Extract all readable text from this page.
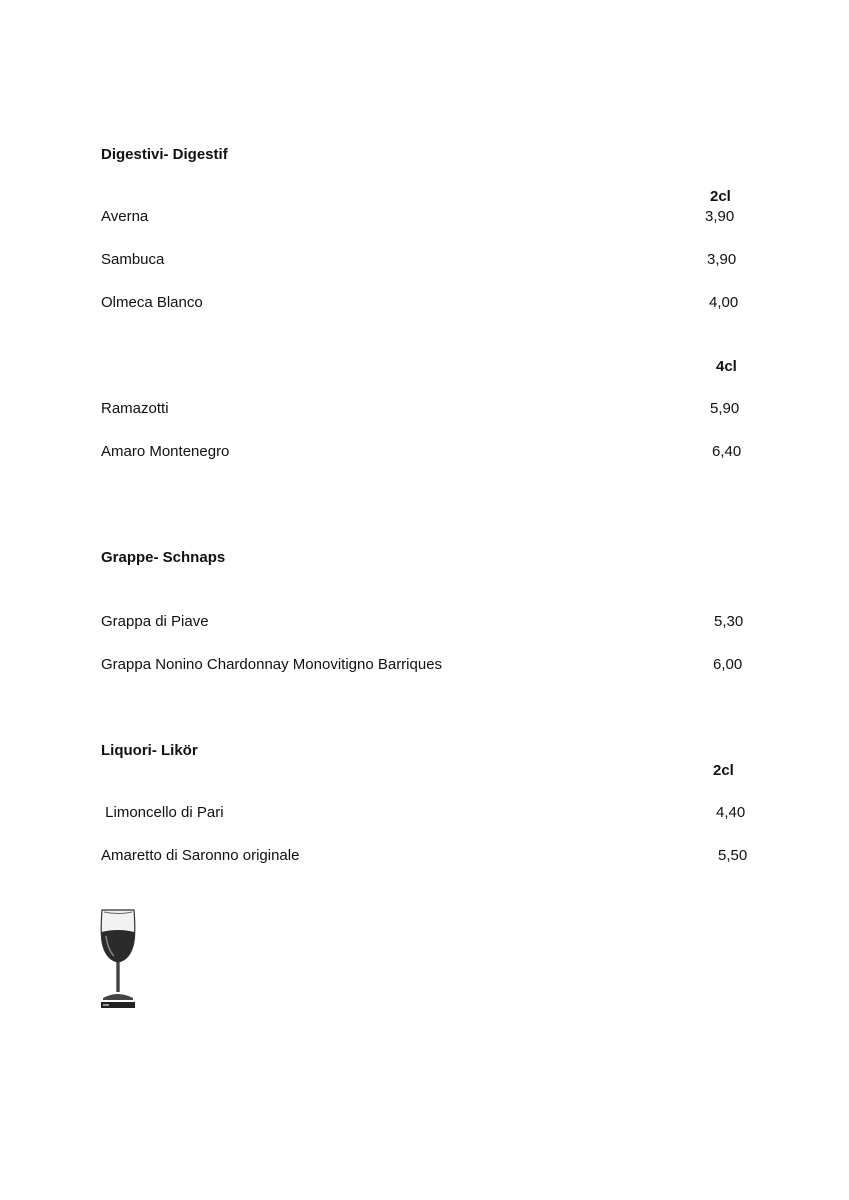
Digestivi- Digestif
2cl
Averna	3,90
Sambuca	3,90
Olmeca Blanco	4,00
4cl
Ramazotti	5,90
Amaro Montenegro	6,40
Grappe- Schnaps
Grappa di Piave	5,30
Grappa Nonino Chardonnay Monovitigno Barriques	6,00
Liquori- Likör
2cl
Limoncello di Pari	4,40
Amaretto di Saronno originale	5,50
